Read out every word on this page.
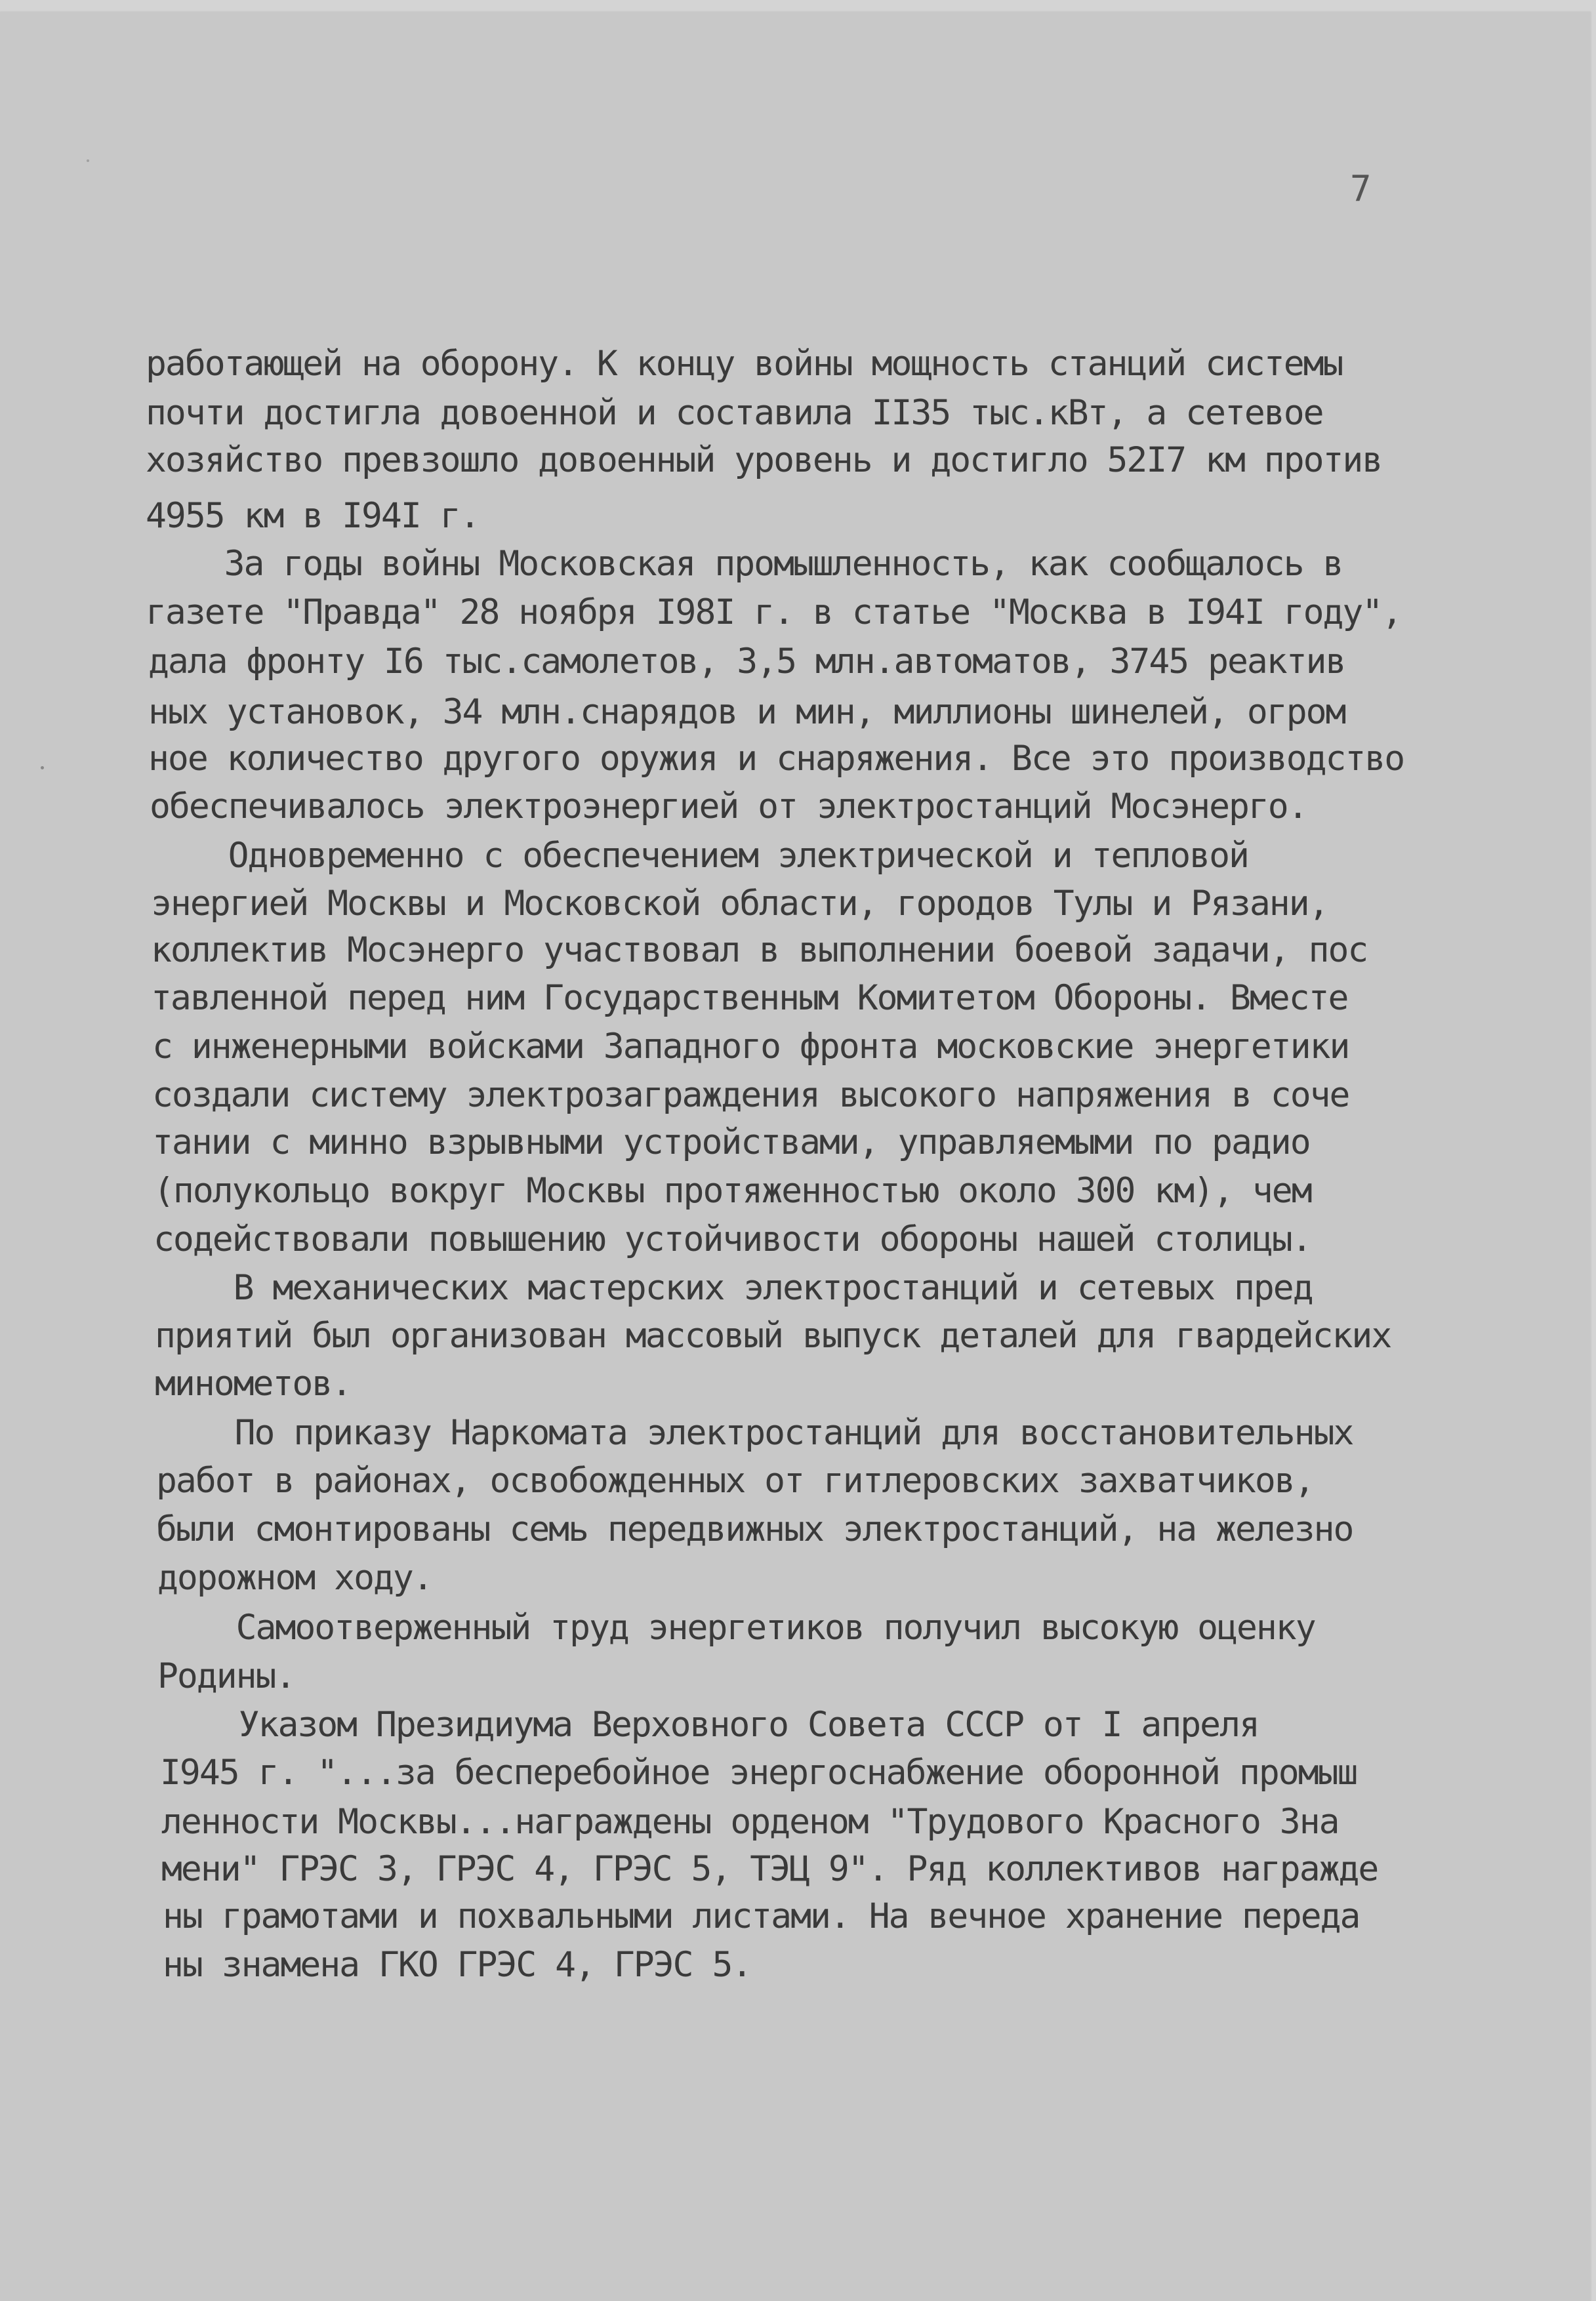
7
работающей на оборону. К концу войны мощность станций системы
почти достигла довоенной и составила II35 тыс.кВт, а сетевое
хозяйство превзошло довоенный уровень и достигло 52I7 км против
4955 км в I94I г.
За годы войны Московская промышленность, как сообщалось в
газете "Правда" 28 ноября I98I г. в статье "Москва в I94I году",
дала фронту I6 тыс.самолетов, 3,5 млн.автоматов, 3745 реактив
ных установок, 34 млн.снарядов и мин, миллионы шинелей, огром
ное количество другого оружия и снаряжения. Все это производство
обеспечивалось электроэнергией от электростанций Мосэнерго.
Одновременно с обеспечением электрической и тепловой
энергией Москвы и Московской области, городов Тулы и Рязани,
коллектив Мосэнерго участвовал в выполнении боевой задачи, пос
тавленной перед ним Государственным Комитетом Обороны. Вместе
с инженерными войсками Западного фронта московские энергетики
создали систему электрозаграждения высокого напряжения в соче
тании с минно взрывными устройствами, управляемыми по радио
(полукольцо вокруг Москвы протяженностью около 300 км), чем
содействовали повышению устойчивости обороны нашей столицы.
В механических мастерских электростанций и сетевых пред
приятий был организован массовый выпуск деталей для гвардейских
минометов.
По приказу Наркомата электростанций для восстановительных
работ в районах, освобожденных от гитлеровских захватчиков,
были смонтированы семь передвижных электростанций, на железно
дорожном ходу.
Самоотверженный труд энергетиков получил высокую оценку
Родины.
Указом Президиума Верховного Совета СССР от I апреля
I945 г. "...за бесперебойное энергоснабжение оборонной промыш
ленности Москвы...награждены орденом "Трудового Красного Зна
мени" ГРЭС 3, ГРЭС 4, ГРЭС 5, ТЭЦ 9". Ряд коллективов награжде
ны грамотами и похвальными листами. На вечное хранение переда
ны знамена ГКО ГРЭС 4, ГРЭС 5.
